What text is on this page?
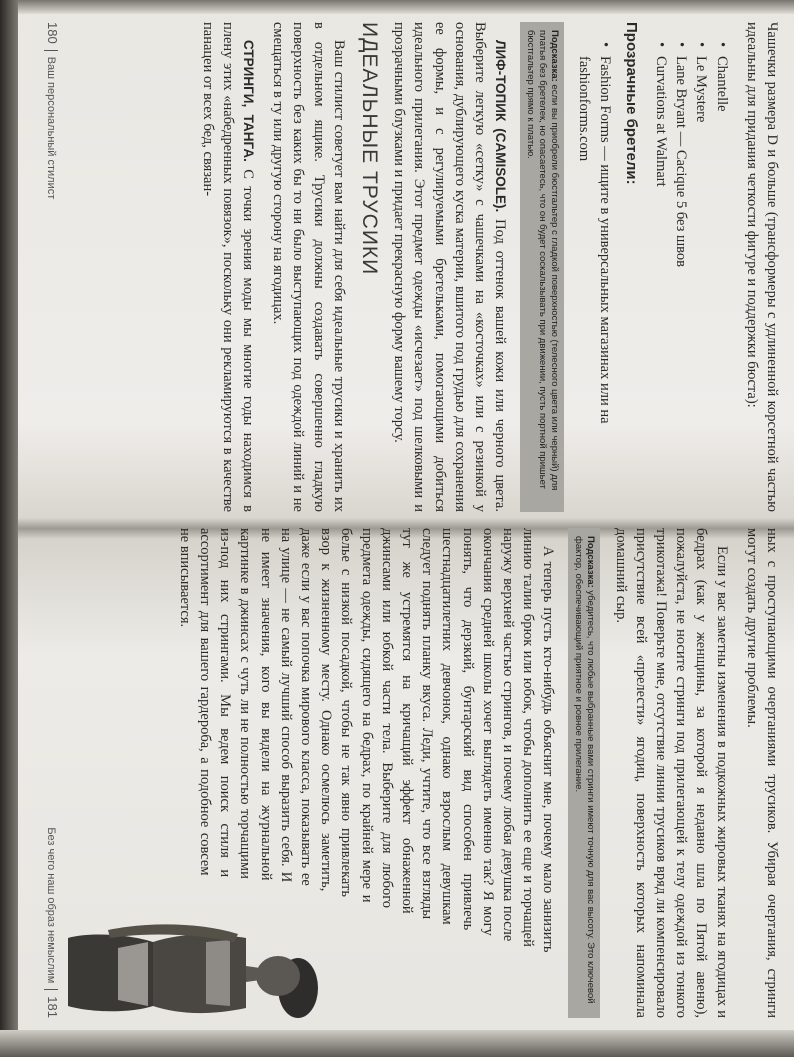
Чашечки размера D и больше (трансформеры с удлиненной корсетной частью идеальны для придания четкости фигуре и поддержки бюста):

• Chantelle
• Le Mystere
• Lane Bryant — Cacique 5 без швов
• Curvations at Walmart
Прозрачные бретели:
• Fashion Forms — ищите в универсальных магазинах или на fashionforms.com
Подсказка: если вы приобрели бюстгальтер с гладкой поверхностью (телесного цвета или черный) для платья без бретелек, но опасаетесь, что он будет соскальзывать при движении, пусть портной пришьет бюстгальтер прямо к платью.

ЛИФ-ТОПИК (CAMISOLE). Под оттенок вашей кожи или черного цвета. Выберите легкую «сетку» с чашечками на «косточках» или с резинкой у основания, дублирующего куска материи, вшитого под грудью для сохранения ее формы, и с регулируемыми бретельками, помогающими добиться идеального прилегания. Этот предмет одежды «исчезает» под шелковыми и прозрачными блузками и придает прекрасную форму вашему торсу.

ИДЕАЛЬНЫЕ ТРУСИКИ

Ваш стилист советует вам найти для себя идеальные трусики и хранить их в отдельном ящике. Трусики должны создавать совершенно гладкую поверхность без каких бы то ни было выступающих под одеждой линий и не смещаться в ту или другую сторону на ягодицах.

СТРИНГИ, ТАНГА. С точки зрения моды мы многие годы находимся в плену этих «набедренных повязок», поскольку они рекламируются в качестве панацеи от всех бед, связан-

180Ваш персональный стилист

ных с проступающими очертаниями трусиков. Убирая очертания, стринги могут создать другие проблемы.

Если у вас заметны изменения в подкожных жировых тканях на ягодицах и бедрах (как у женщины, за которой я недавно шла по Пятой авеню), пожалуйста, не носите стринги под прилегающей к телу одеждой из тонкого трикотажа! Поверьте мне, отсутствие линии трусиков вряд ли компенсировало присутствие всей «прелести» ягодиц, поверхность которых напоминала домашний сыр.

Подсказка: убедитесь, что любые выбранные вами стринги имеют точную для вас высоту. Это ключевой фактор, обеспечивающий приятное и ровное прилегание.

А теперь пусть кто-нибудь объяснит мне, почему мало занизить линию талии брюк или юбок, чтобы дополнить ее еще и торчащей наружу верхней частью стрингов, и почему любая девушка после окончания средней школы хочет выглядеть именно так? Я могу понять, что дерзкий, бунтарский вид способен привлечь шестнадцатилетних девчонок, однако взрослым девушкам следует поднять планку вкуса. Леди, учтите, что все взгляды тут же устремятся на кричащий эффект обнаженной джинсами или юбкой части тела. Выберите для любого предмета одежды, сидящего на бедрах, по крайней мере и белье с низкой посадкой, чтобы не так явно привлекать взор к жизненному месту. Однако осмелюсь заметить, даже если у вас попочка мирового класса, показывать ее на улице — не самый лучший способ выразить себя. И не имеет значения, кого вы видели на журнальной картинке в джинсах с чуть ли не полностью торчащими из-под них стрингами. Мы ведем поиск стиля и ассортимент для вашего гардероба, а подобное совсем не вписывается.

Без чего наш образ немыслим181
